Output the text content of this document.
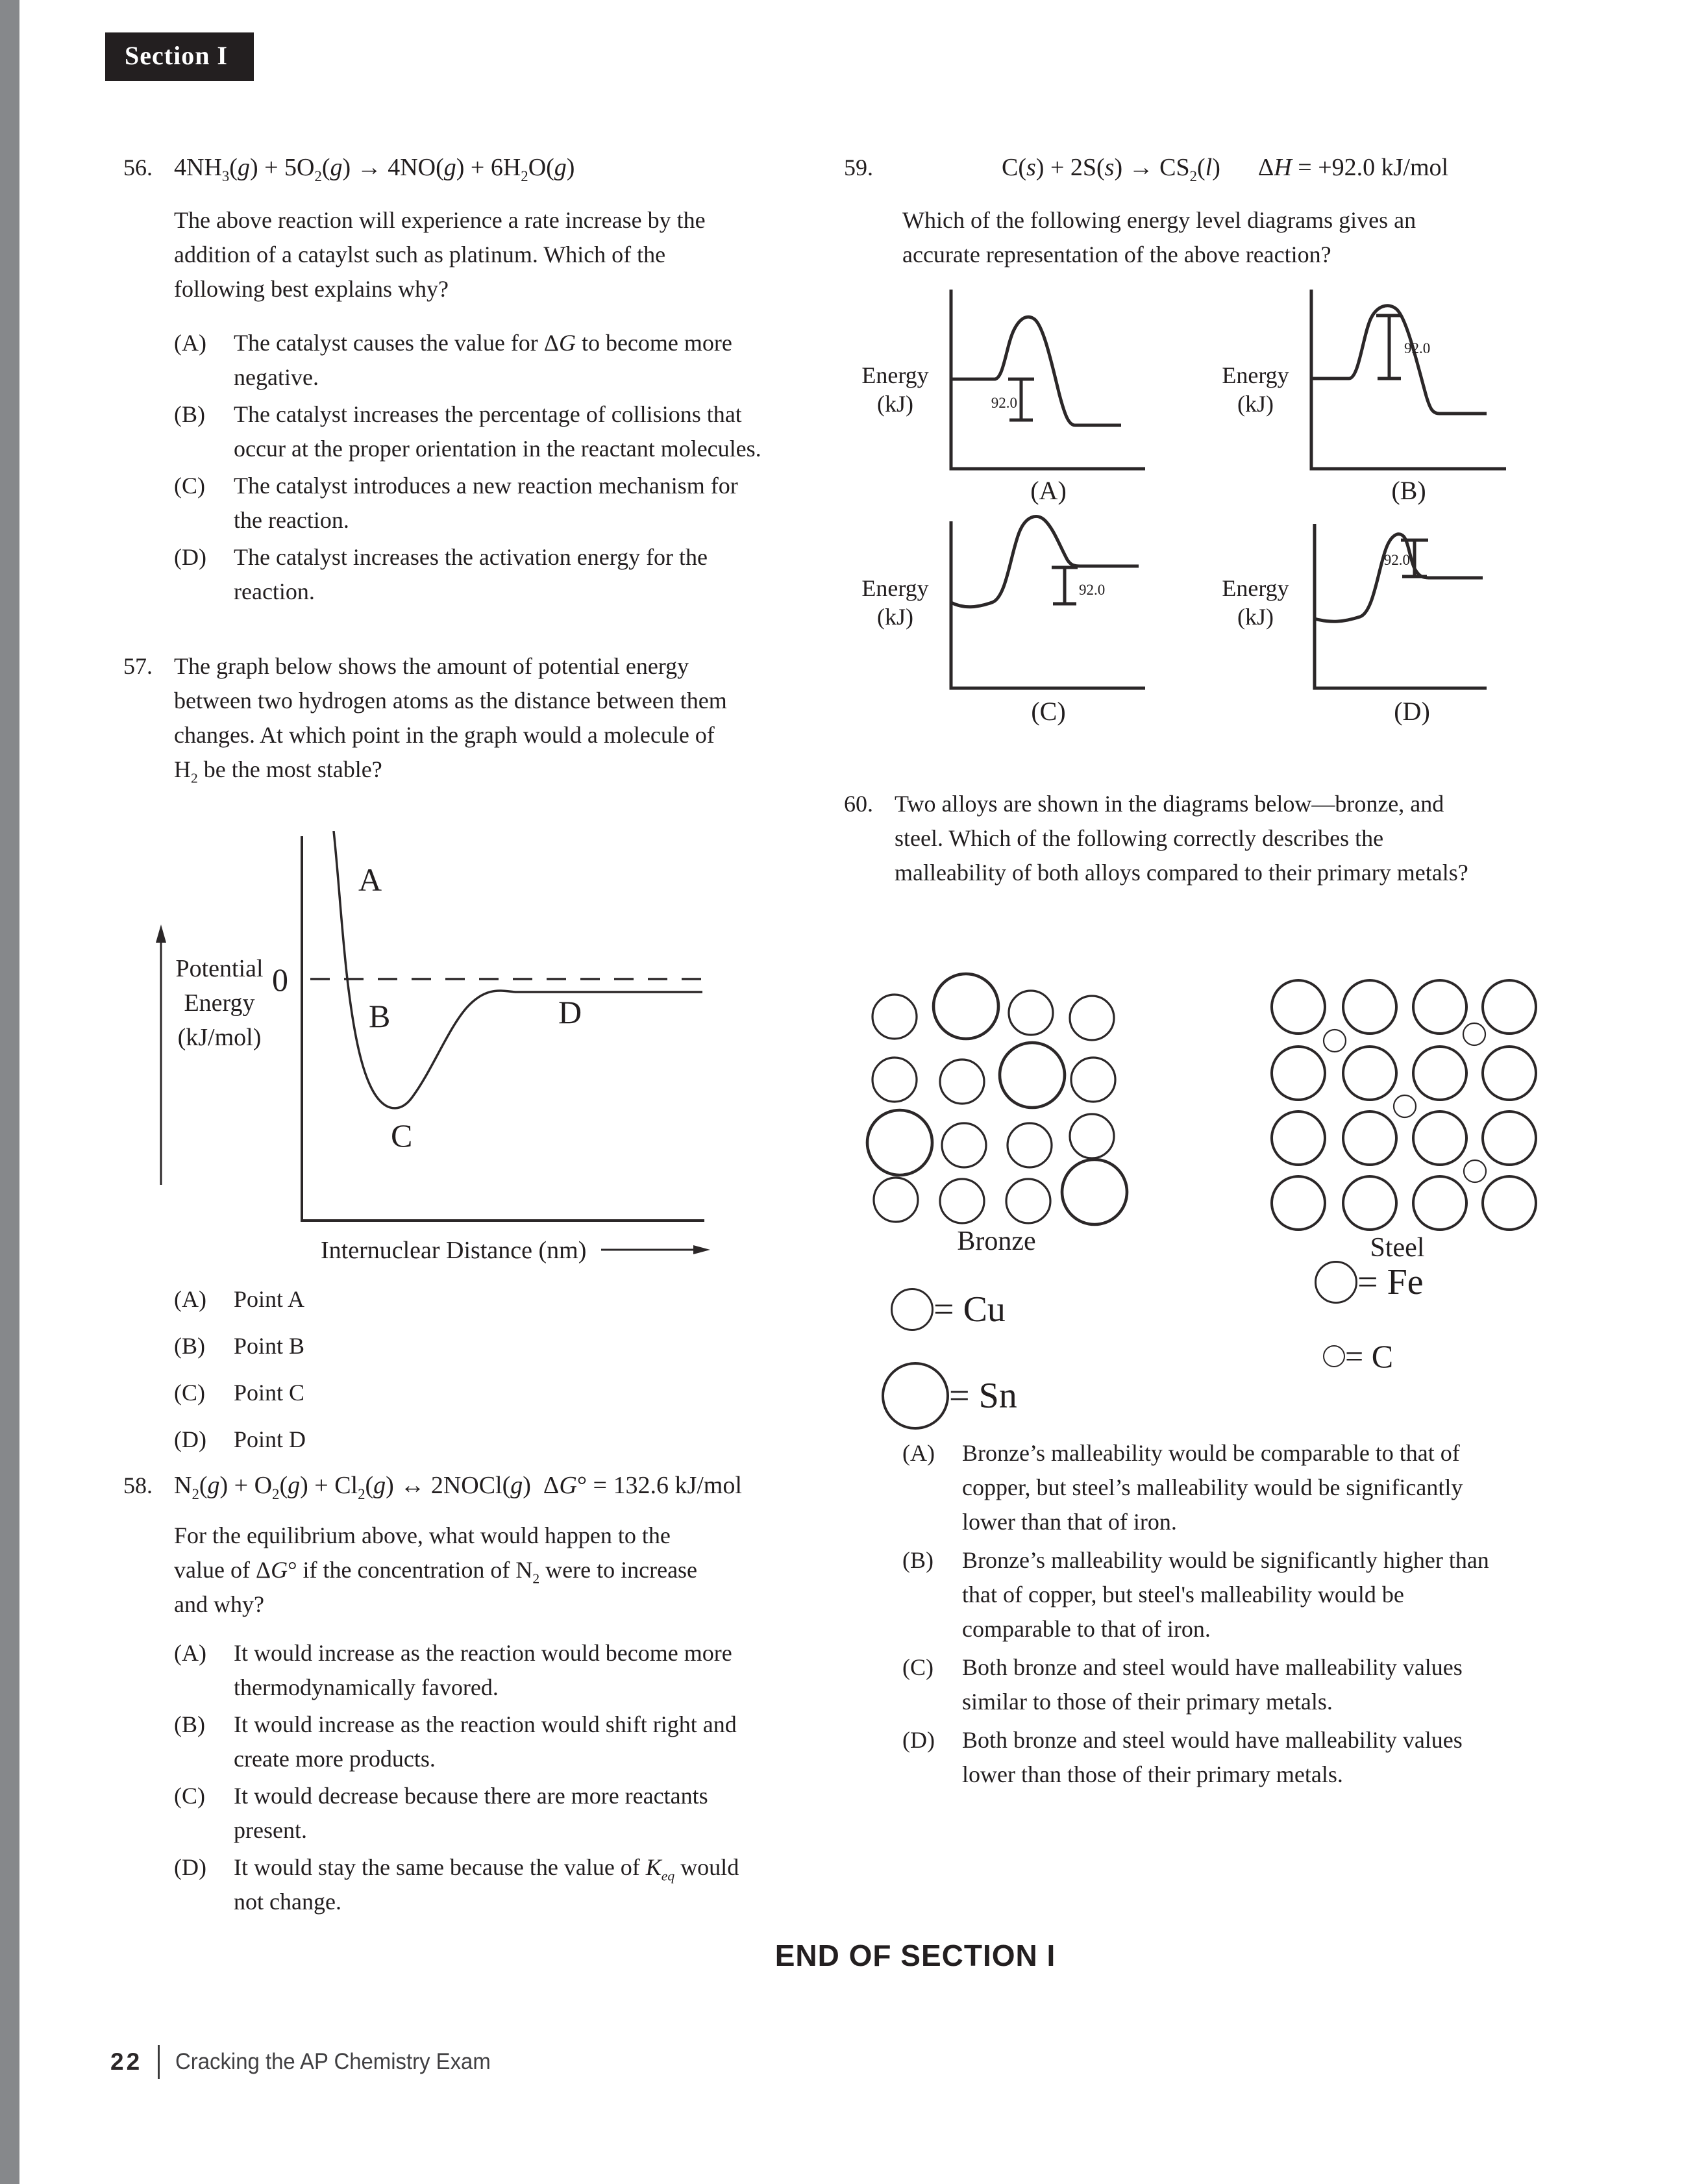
Section I
56. $4NH_3(g) + 5O_2(g) \to 4NO(g) + 6H_2O(g)$

The above reaction will experience a rate increase by the addition of a cataylst such as platinum. Which of the following best explains why?

(A)	The catalyst causes the value for ΔG to become more negative.
(B)	The catalyst increases the percentage of collisions that occur at the proper orientation in the reactant molecules.
(C)	The catalyst introduces a new reaction mechanism for the reaction.
(D)	The catalyst increases the activation energy for the reaction.
57. The graph below shows the amount of potential energy between two hydrogen atoms as the distance between them changes. At which point in the graph would a molecule of $H_2$ be the most stable?
Potential
Energy
(kJ/mol)
0
A
B
C
D
Internuclear Distance (nm)
(A)	Point A
(B)	Point B
(C)	Point C
(D)	Point D
58. $N_2(g) + O_2(g) + Cl_2(g)$ ↔ 2NOCl(g)  ΔG° = 132.6 kJ/mol

For the equilibrium above, what would happen to the value of ΔG° if the concentration of $N_2$ were to increase and why?

(A)	It would increase as the reaction would become more thermodynamically favored.
(B)	It would increase as the reaction would shift right and create more products.
(C)	It would decrease because there are more reactants present.
(D)	It would stay the same because the value of $K_{eq}$ would not change.
59.	$C(s) + 2S(s) \to CS_2(l) \Delta H = +92.0$ kJ/mol

Which of the following energy level diagrams gives an accurate representation of the above reaction?

Energy
(kJ)	92.0
(A)
Energy
(kJ)
92.0
(B)
Energy
(kJ)
92.0
(C)
Energy
(kJ)
92.0
(D)
60. Two alloys are shown in the diagrams below—bronze, and steel. Which of the following correctly describes the malleability of both alloys compared to their primary metals?
Bronze	Steel
= Cu
= Sn
= Fe
= C
(A)	Bronze’s malleability would be comparable to that of copper, but steel’s malleability would be significantly lower than that of iron.
(B)	Bronze’s malleability would be significantly higher than that of copper, but steel's malleability would be comparable to that of iron.
(C)	Both bronze and steel would have malleability values similar to those of their primary metals.
(D)	Both bronze and steel would have malleability values lower than those of their primary metals.
END OF SECTION I
22 Cracking the AP Chemistry Exam
